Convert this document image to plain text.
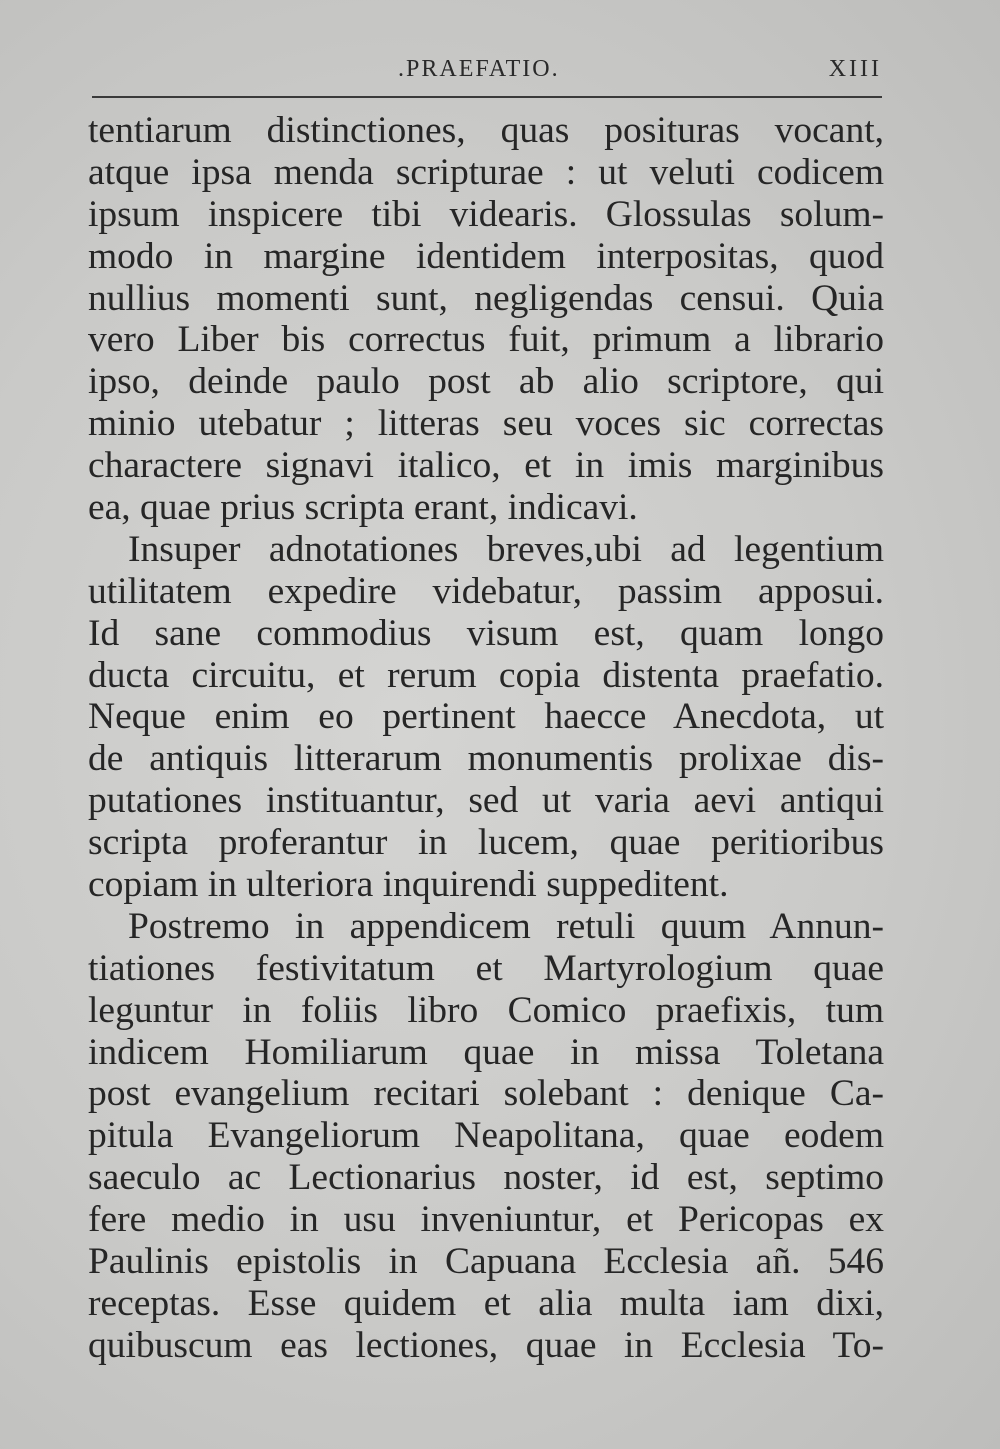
.PRAEFATIO.	XIII
tentiarum distinctiones, quas posituras vocant,
atque ipsa menda scripturae : ut veluti codicem
ipsum inspicere tibi videaris. Glossulas solum-
modo in margine identidem interpositas, quod
nullius momenti sunt, negligendas censui. Quia
vero Liber bis correctus fuit, primum a librario
ipso, deinde paulo post ab alio scriptore, qui
minio utebatur ; litteras seu voces sic correctas
charactere signavi italico, et in imis marginibus
ea, quae prius scripta erant, indicavi.
Insuper adnotationes breves,ubi ad legentium
utilitatem expedire videbatur, passim apposui.
Id sane commodius visum est, quam longo
ducta circuitu, et rerum copia distenta praefatio.
Neque enim eo pertinent haecce Anecdota, ut
de antiquis litterarum monumentis prolixae dis-
putationes instituantur, sed ut varia aevi antiqui
scripta proferantur in lucem, quae peritioribus
copiam in ulteriora inquirendi suppeditent.
Postremo in appendicem retuli quum Annun-
tiationes festivitatum et Martyrologium quae
leguntur in foliis libro Comico praefixis, tum
indicem Homiliarum quae in missa Toletana
post evangelium recitari solebant : denique Ca-
pitula Evangeliorum Neapolitana, quae eodem
saeculo ac Lectionarius noster, id est, septimo
fere medio in usu inveniuntur, et Pericopas ex
Paulinis epistolis in Capuana Ecclesia añ. 546
receptas. Esse quidem et alia multa iam dixi,
quibuscum eas lectiones, quae in Ecclesia To-
